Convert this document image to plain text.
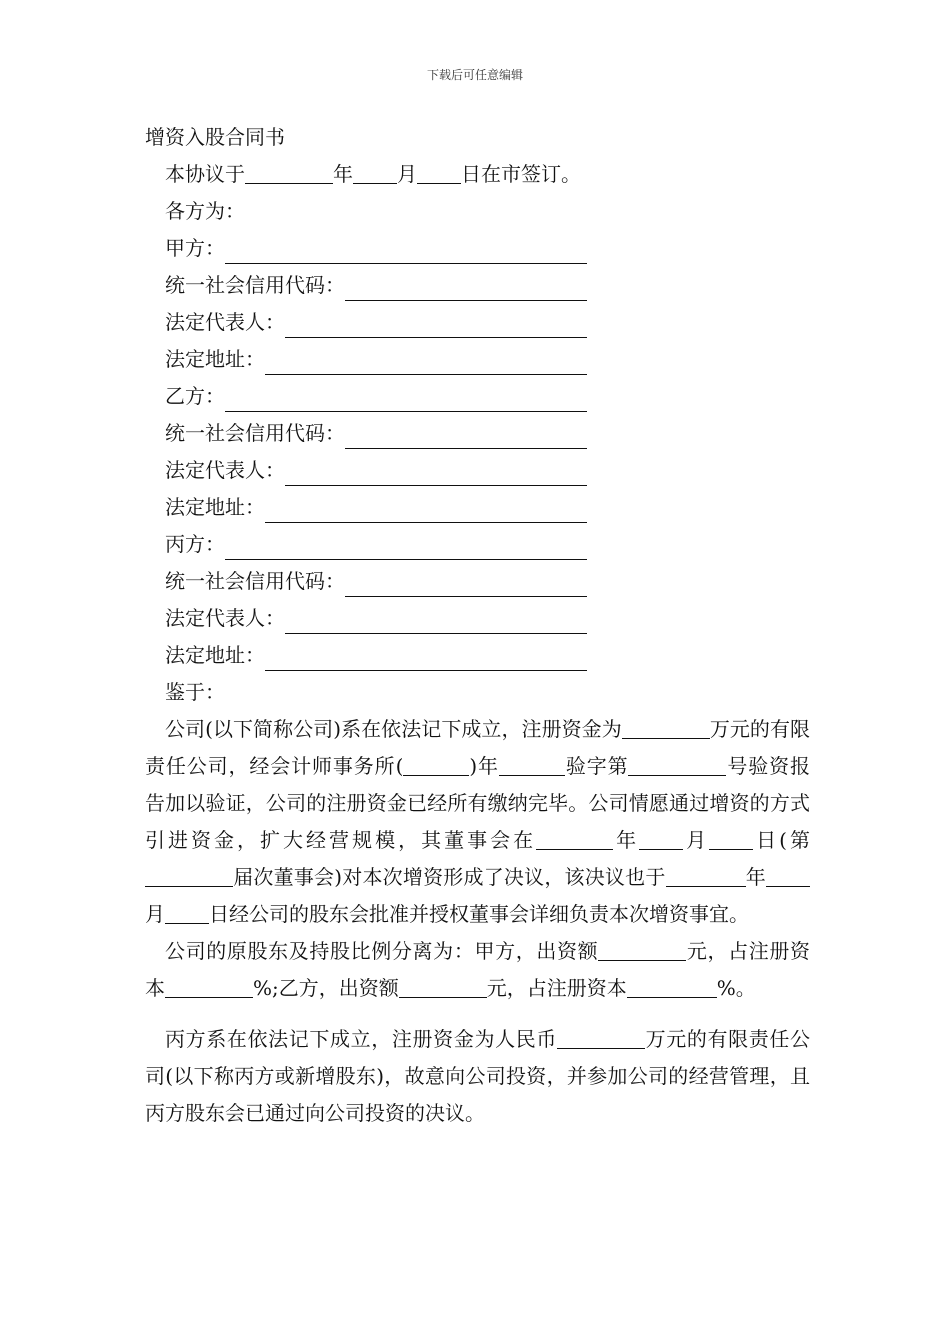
下载后可任意编辑
增资入股合同书
本协议于	年 月 日在市签订。
各方为：
甲方：
统一社会信用代码：
法定代表人：
法定地址：
乙方：
统一社会信用代码：
法定代表人：
法定地址：
丙方：
统一社会信用代码：
法定代表人：
法定地址：
鉴于：

公司(以下简称公司)系在依法记下成立，注册资金为	万元的有限责任公司，经会计师事务所(	)年	验字第	号验资报告加以验证，公司的注册资金已经所有缴纳完毕。公司情愿通过增资的方式引进资金，扩大经营规模，其董事会在	年 月 日(第届次董事会)对本次增资形成了决议，该决议也于	年月 日经公司的股东会批准并授权董事会详细负责本次增资事宜。

公司的原股东及持股比例分离为：甲方，出资额	元，占注册资本	%;乙方，出资额	元，占注册资本	%。

丙方系在依法记下成立，注册资金为人民币	万元的有限责任公司(以下称丙方或新增股东)，故意向公司投资，并参加公司的经营管理，且丙方股东会已通过向公司投资的决议。
